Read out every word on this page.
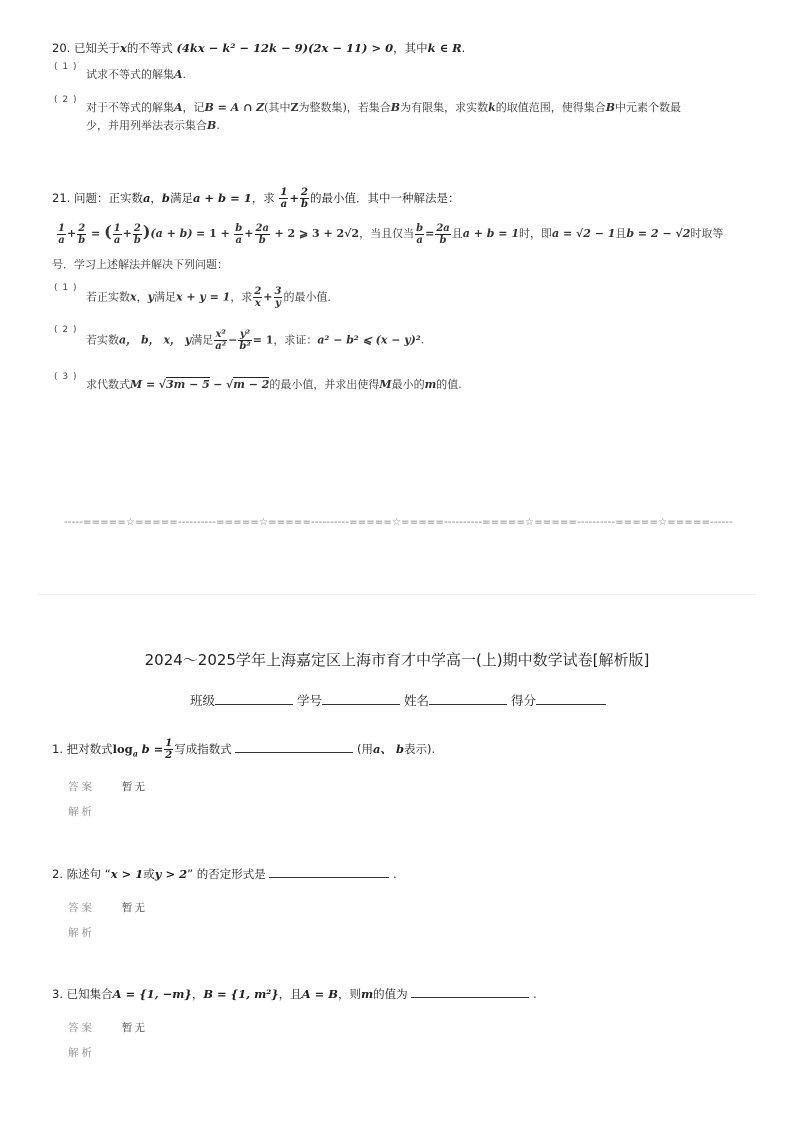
20. 已知关于x的不等式 (4kx − k² − 12k − 9)(2x − 11) > 0，其中k ∈ R.
( 1 )
试求不等式的解集A.
( 2 )
对于不等式的解集A，记B = A ∩ Z(其中Z为整数集)，若集合B为有限集，求实数k的取值范围，使得集合B中元素个数最
少，并用列举法表示集合B.
21. 问题：正实数a，b满足a + b = 1，求 $\frac{1}{a} + \frac{2}{b}$ 的最小值．其中一种解法是：
$\frac{1}{a} + \frac{2}{b}$ = ( $\frac{1}{a} + \frac{2}{b} )(a + b) = 1 + \frac{b}{a} + \frac{2a}{b} + 2$ ⩾ 3 + 2√2，当且仅当 $\frac{b}{a} = \frac{2a}{b}$ 且a + b = 1时，即a = √2 − 1且b = 2 − √2时取等
号．学习上述解法并解决下列问题：
( 1 )
若正实数x，y满足x + y = 1，求 $\frac{2}{x} + \frac{3}{y}$ 的最小值．
( 2 )
若实数a， b， x， y满足 $\frac{\text{x²}}{\text{a²}} - \frac{\text{y²}}{\text{b²}} = 1$，求证：a² − b² ⩽ (x − y)².
( 3 )
求代数式M = √3m − 5 − √m − 2的最小值，并求出使得M最小的m的值.
-----=====☆=====----------=====☆=====----------=====☆=====----------=====☆=====----------=====☆=====------
2024～2025学年上海嘉定区上海市育才中学高一(上)期中数学试卷[解析版]
班级	学号	姓名	得分
1. 把对数式$\log_a b = \frac{1}{2}$ 写成指数式	(用a、 b表示).
答案	暂无
解析
2. 陈述句 “x > 1或y > 2” 的否定形式是	.
答案	暂无
解析
3. 已知集合A = {1, −m}，B = {1, m²}，且A = B，则m的值为	.
答案	暂无
解析
